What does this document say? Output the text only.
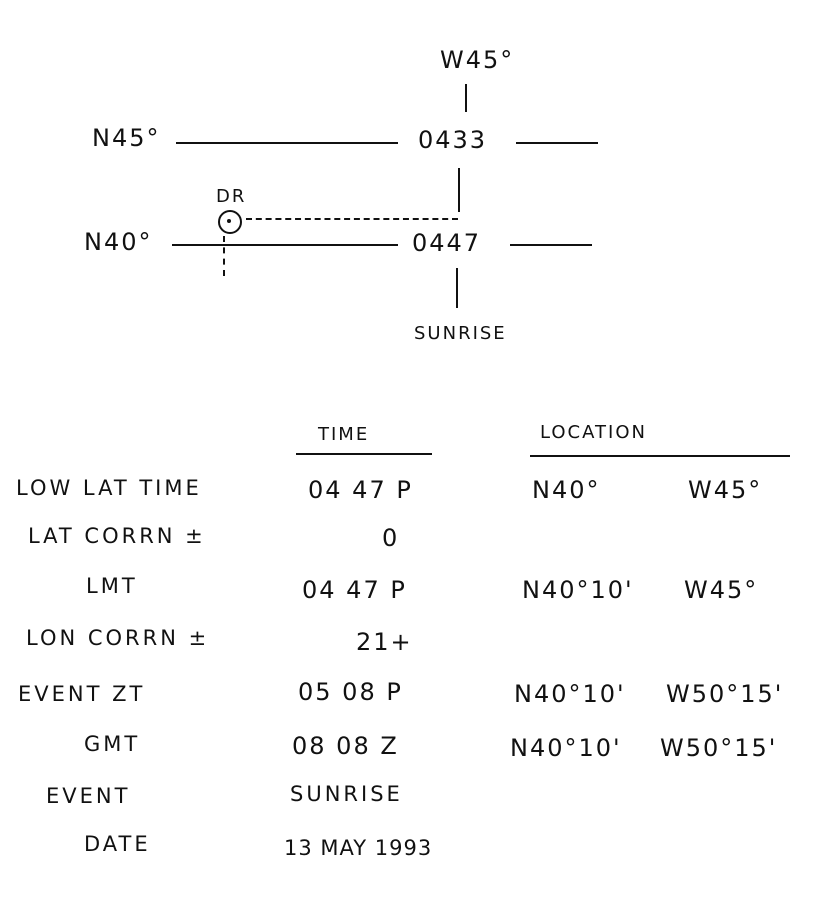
W45°
N45°	0433
DR
N40°	0447
SUNRISE
TIME	LOCATION
LOW LAT TIME	04 47 P	N40°	W45°
LAT CORRN ±	0
LMT	04 47 P	N40°10' W45°
LON CORRN ±	21+
EVENT ZT	05 08 P	N40°10' W50°15'
GMT	08 08 Z	N40°10' W50°15'
EVENT	SUNRISE
DATE	13 MAY 1993
